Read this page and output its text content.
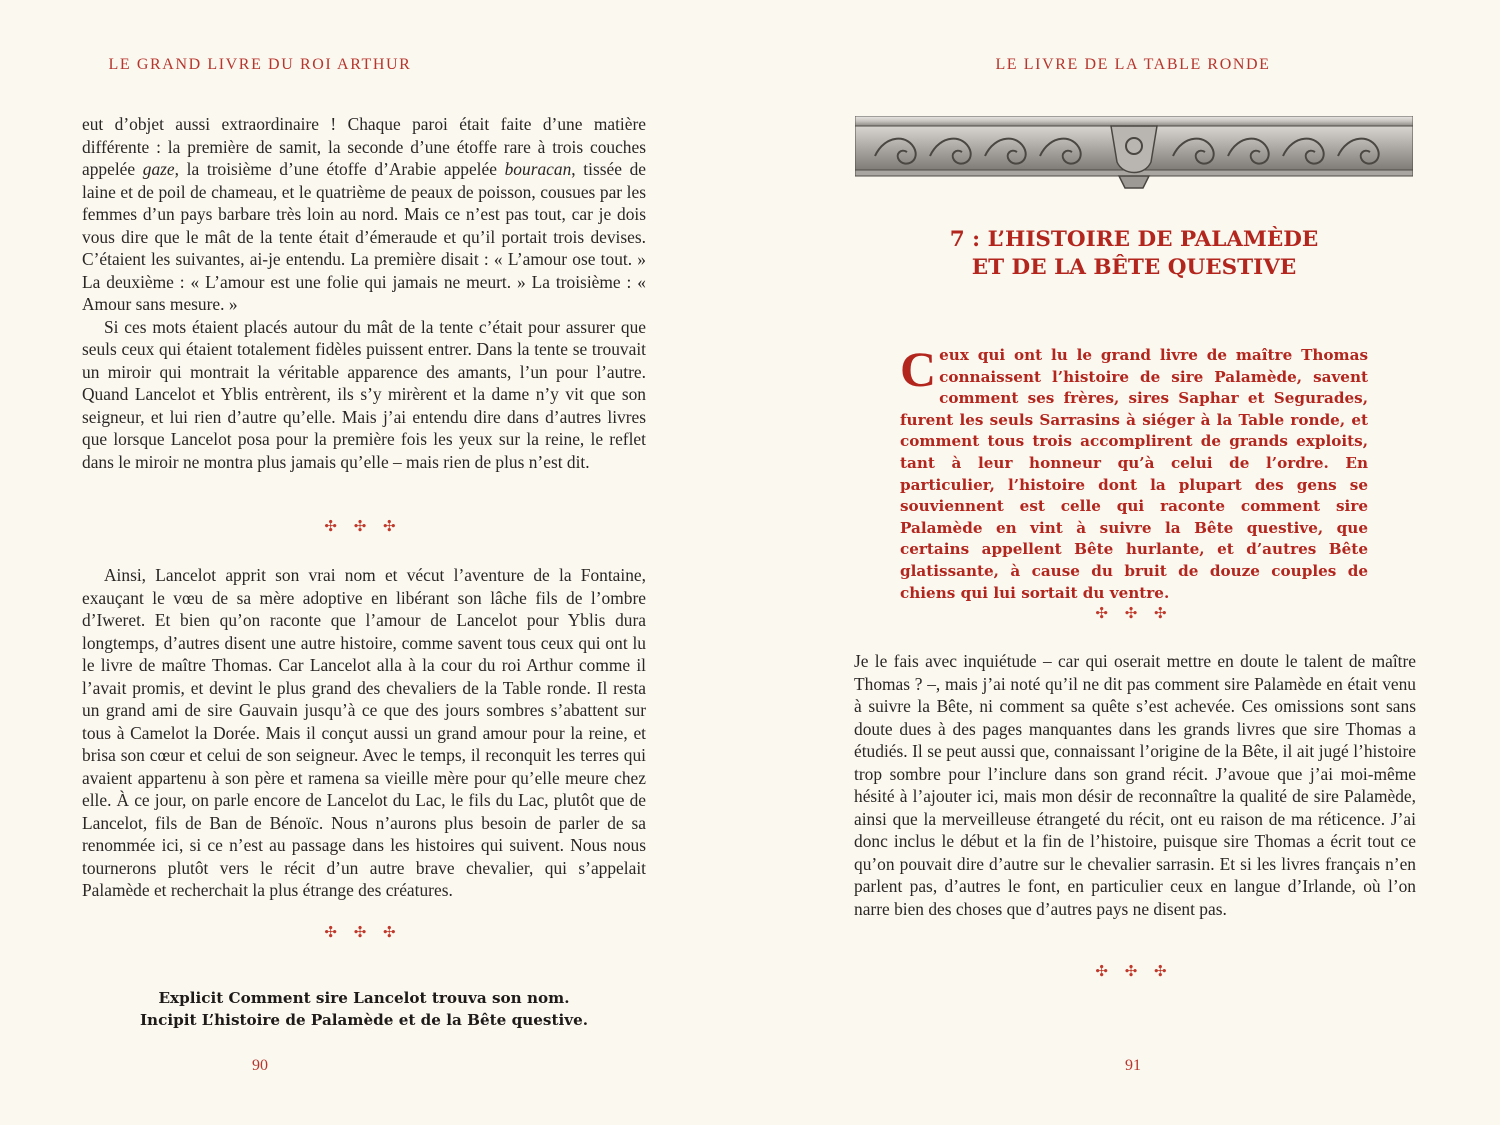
LE GRAND LIVRE DU ROI ARTHUR

eut d’objet aussi extraordinaire ! Chaque paroi était faite d’une matière différente : la première de samit, la seconde d’une étoffe rare à trois couches appelée gaze, la troisième d’une étoffe d’Arabie appelée bouracan, tissée de laine et de poil de chameau, et le quatrième de peaux de poisson, cousues par les femmes d’un pays barbare très loin au nord. Mais ce n’est pas tout, car je dois vous dire que le mât de la tente était d’émeraude et qu’il portait trois devises. C’étaient les suivantes, ai-je entendu. La première disait : « L’amour ose tout. » La deuxième : « L’amour est une folie qui jamais ne meurt. » La troisième : « Amour sans mesure. »

Si ces mots étaient placés autour du mât de la tente c’était pour assurer que seuls ceux qui étaient totalement fidèles puissent entrer. Dans la tente se trouvait un miroir qui montrait la véritable apparence des amants, l’un pour l’autre. Quand Lancelot et Yblis entrèrent, ils s’y mirèrent et la dame n’y vit que son seigneur, et lui rien d’autre qu’elle. Mais j’ai entendu dire dans d’autres livres que lorsque Lancelot posa pour la première fois les yeux sur la reine, le reflet dans le miroir ne montra plus jamais qu’elle – mais rien de plus n’est dit.

✣ ✣ ✣

Ainsi, Lancelot apprit son vrai nom et vécut l’aventure de la Fontaine, exauçant le vœu de sa mère adoptive en libérant son lâche fils de l’ombre d’Iweret. Et bien qu’on raconte que l’amour de Lancelot pour Yblis dura longtemps, d’autres disent une autre histoire, comme savent tous ceux qui ont lu le livre de maître Thomas. Car Lancelot alla à la cour du roi Arthur comme il l’avait promis, et devint le plus grand des chevaliers de la Table ronde. Il resta un grand ami de sire Gauvain jusqu’à ce que des jours sombres s’abattent sur tous à Camelot la Dorée. Mais il conçut aussi un grand amour pour la reine, et brisa son cœur et celui de son seigneur. Avec le temps, il reconquit les terres qui avaient appartenu à son père et ramena sa vieille mère pour qu’elle meure chez elle. À ce jour, on parle encore de Lancelot du Lac, le fils du Lac, plutôt que de Lancelot, fils de Ban de Bénoïc. Nous n’aurons plus besoin de parler de sa renommée ici, si ce n’est au passage dans les histoires qui suivent. Nous nous tournerons plutôt vers le récit d’un autre brave chevalier, qui s’appelait Palamède et recherchait la plus étrange des créatures.

✣ ✣ ✣
Explicit Comment sire Lancelot trouva son nom.
Incipit L’histoire de Palamède et de la Bête questive.
90
LE LIVRE DE LA TABLE RONDE
7 : L’HISTOIRE DE PALAMÈDE
ET DE LA BÊTE QUESTIVE
Ceux qui ont lu le grand livre de maître Thomas connaissent l’histoire de sire Palamède, savent comment ses frères, sires Saphar et Segurades, furent les seuls Sarrasins à siéger à la Table ronde, et comment tous trois accomplirent de grands exploits, tant à leur honneur qu’à celui de l’ordre. En particulier, l’histoire dont la plupart des gens se souviennent est celle qui raconte comment sire Palamède en vint à suivre la Bête questive, que certains appellent Bête hurlante, et d’autres Bête glatissante, à cause du bruit de douze couples de chiens qui lui sortait du ventre.
✣ ✣ ✣

Je le fais avec inquiétude – car qui oserait mettre en doute le talent de maître Thomas ? –, mais j’ai noté qu’il ne dit pas comment sire Palamède en était venu à suivre la Bête, ni comment sa quête s’est achevée. Ces omissions sont sans doute dues à des pages manquantes dans les grands livres que sire Thomas a étudiés. Il se peut aussi que, connaissant l’origine de la Bête, il ait jugé l’histoire trop sombre pour l’inclure dans son grand récit. J’avoue que j’ai moi-même hésité à l’ajouter ici, mais mon désir de reconnaître la qualité de sire Palamède, ainsi que la merveilleuse étrangeté du récit, ont eu raison de ma réticence. J’ai donc inclus le début et la fin de l’histoire, puisque sire Thomas a écrit tout ce qu’on pouvait dire d’autre sur le chevalier sarrasin. Et si les livres français n’en parlent pas, d’autres le font, en particulier ceux en langue d’Irlande, où l’on narre bien des choses que d’autres pays ne disent pas.

✣ ✣ ✣
91
